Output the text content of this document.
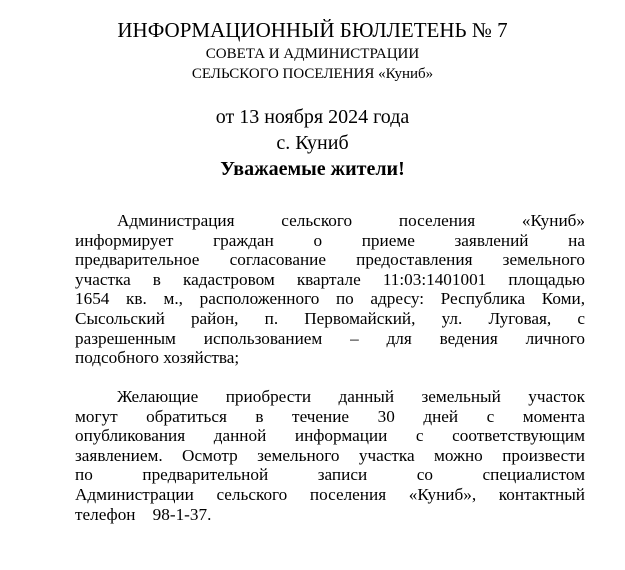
ИНФОРМАЦИОННЫЙ БЮЛЛЕТЕНЬ № 7
СОВЕТА И АДМИНИСТРАЦИИ
СЕЛЬСКОГО ПОСЕЛЕНИЯ «Куниб»
от 13 ноября 2024 года
с. Куниб
Уважаемые жители!
Администрация сельского поселения «Куниб»
информирует граждан о приеме заявлений на
предварительное согласование предоставления земельного
участка в кадастровом квартале 11:03:1401001 площадью
1654 кв. м., расположенного по адресу: Республика Коми,
Сысольский район, п. Первомайский, ул. Луговая, с
разрешенным использованием – для ведения личного
подсобного хозяйства;
Желающие приобрести данный земельный участок
могут обратиться в течение 30 дней с момента
опубликования данной информации с соответствующим
заявлением. Осмотр земельного участка можно произвести
по предварительной записи со специалистом
Администрации сельского поселения «Куниб», контактный
телефон    98-1-37.
